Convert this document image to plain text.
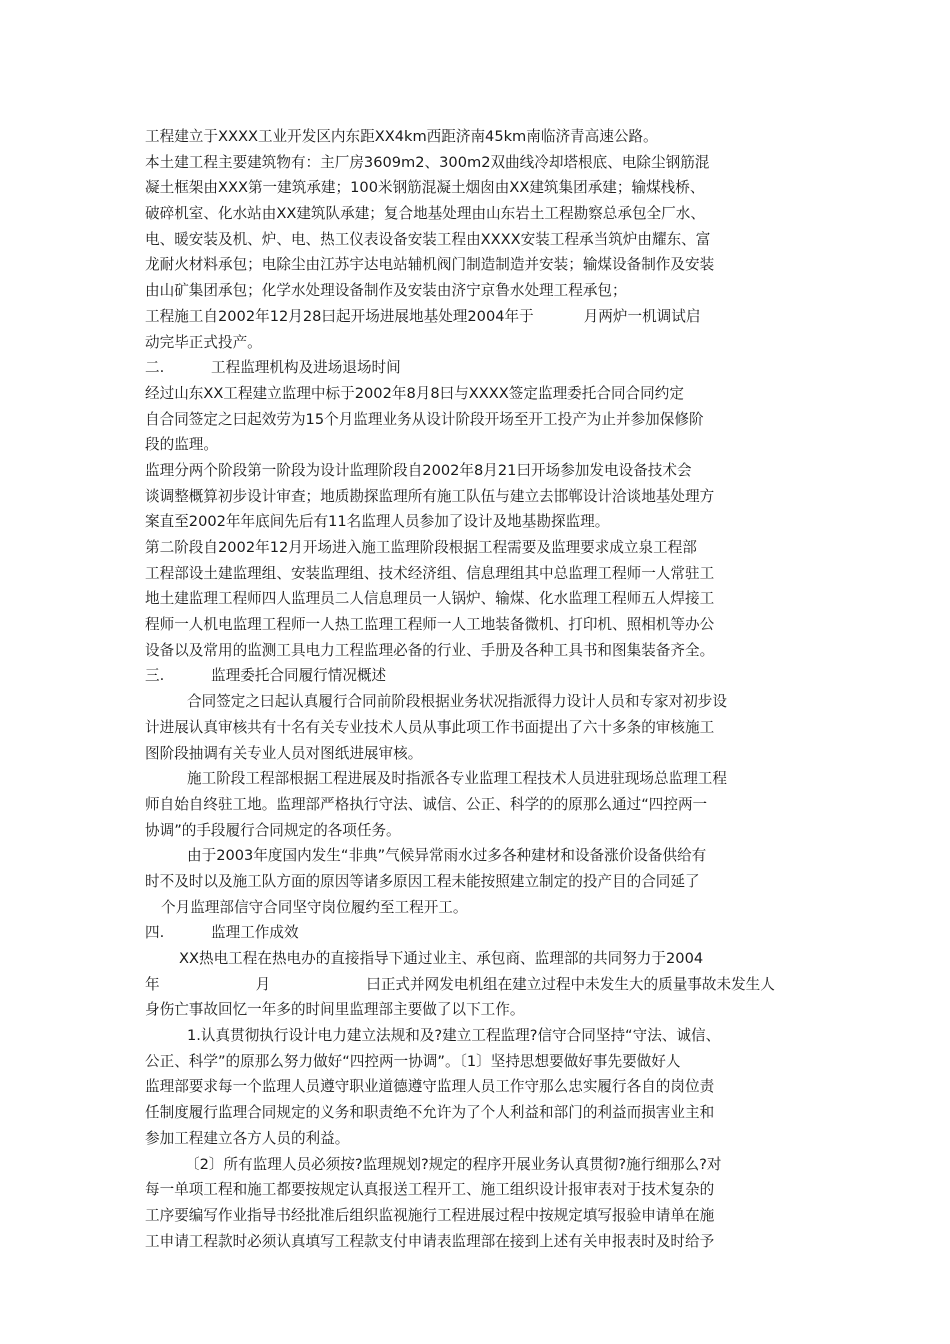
工程建立于XXXX工业开发区内东距XX4km西距济南45km南临济青高速公路。
本土建工程主要建筑物有：主厂房3609m2、300m2双曲线冷却塔根底、电除尘钢筋混
凝土框架由XXX第一建筑承建；100米钢筋混凝土烟囱由XX建筑集团承建；输煤栈桥、
破碎机室、化水站由XX建筑队承建；复合地基处理由山东岩土工程勘察总承包全厂水、
电、暖安装及机、炉、电、热工仪表设备安装工程由XXXX安装工程承当筑炉由耀东、富
龙耐火材料承包；电除尘由江苏宇达电站辅机阀门制造制造并安装；输煤设备制作及安装
由山矿集团承包；化学水处理设备制作及安装由济宁京鲁水处理工程承包；
工程施工自2002年12月28曰起开场进展地基处理2004年于	月两炉一机调试启
动完毕正式投产。
二.	工程监理机构及进场退场时间
经过山东XX工程建立监理中标于2002年8月8曰与XXXX签定监理委托合同合同约定
自合同签定之曰起效劳为15个月监理业务从设计阶段开场至开工投产为止并参加保修阶
段的监理。
监理分两个阶段第一阶段为设计监理阶段自2002年8月21曰开场参加发电设备技术会
谈调整概算初步设计审查；地质勘探监理所有施工队伍与建立去邯郸设计洽谈地基处理方
案直至2002年年底间先后有11名监理人员参加了设计及地基勘探监理。
第二阶段自2002年12月开场进入施工监理阶段根据工程需要及监理要求成立泉工程部
工程部设土建监理组、安装监理组、技术经济组、信息理组其中总监理工程师一人常驻工
地土建监理工程师四人监理员二人信息理员一人锅炉、输煤、化水监理工程师五人焊接工
程师一人机电监理工程师一人热工监理工程师一人工地装备微机、打印机、照相机等办公
设备以及常用的监测工具电力工程监理必备的行业、手册及各种工具书和图集装备齐全。
三.	监理委托合同履行情况概述
合同签定之曰起认真履行合同前阶段根据业务状况指派得力设计人员和专家对初步设
计进展认真审核共有十名有关专业技术人员从事此项工作书面提出了六十多条的审核施工
图阶段抽调有关专业人员对图纸进展审核。
施工阶段工程部根据工程进展及时指派各专业监理工程技术人员进驻现场总监理工程
师自始自终驻工地。监理部严格执行守法、诚信、公正、科学的的原那么通过“四控两一
协调”的手段履行合同规定的各项任务。
由于2003年度国内发生“非典”气候异常雨水过多各种建材和设备涨价设备供给有
时不及时以及施工队方面的原因等诸多原因工程未能按照建立制定的投产目的合同延了
个月监理部信守合同坚守岗位履约至工程开工。
四.	监理工作成效
XX热电工程在热电办的直接指导下通过业主、承包商、监理部的共同努力于2004
年	月	曰正式并网发电机组在建立过程中未发生大的质量事故未发生人
身伤亡事故回忆一年多的时间里监理部主要做了以下工作。
1.认真贯彻执行设计电力建立法规和及?建立工程监理?信守合同坚持“守法、诚信、
公正、科学”的原那么努力做好“四控两一协调”。〔1〕坚持思想要做好事先要做好人
监理部要求每一个监理人员遵守职业道德遵守监理人员工作守那么忠实履行各自的岗位责
任制度履行监理合同规定的义务和职责绝不允许为了个人利益和部门的利益而损害业主和
参加工程建立各方人员的利益。
〔2〕所有监理人员必须按?监理规划?规定的程序开展业务认真贯彻?施行细那么?对
每一单项工程和施工都要按规定认真报送工程开工、施工组织设计报审表对于技术复杂的
工序要编写作业指导书经批准后组织监视施行工程进展过程中按规定填写报验申请单在施
工申请工程款时必须认真填写工程款支付申请表监理部在接到上述有关申报表时及时给予
